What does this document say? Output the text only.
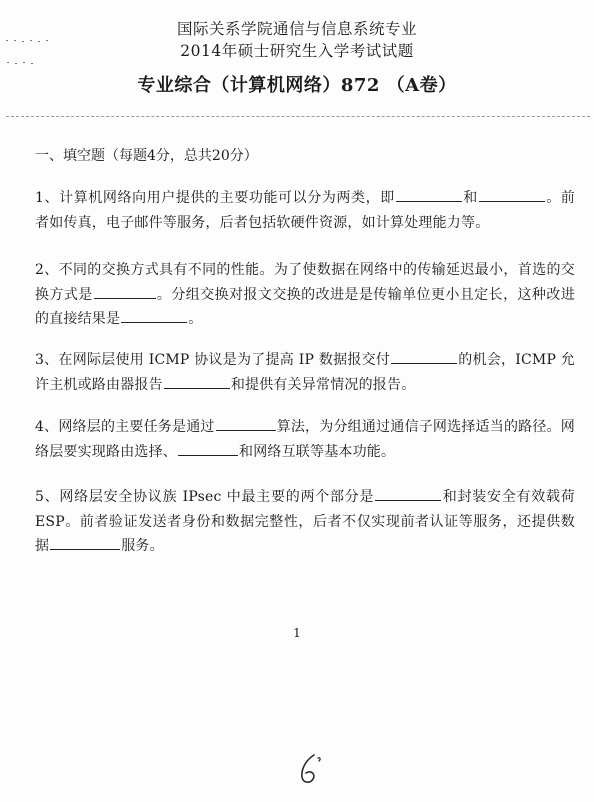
国际关系学院通信与信息系统专业
2014年硕士研究生入学考试试题
专业综合（计算机网络）872 （A卷）
一、填空题（每题4分，总共20分）
1、计算机网络向用户提供的主要功能可以分为两类，即	和	。前者如传真，电子邮件等服务，后者包括软硬件资源，如计算处理能力等。
2、不同的交换方式具有不同的性能。为了使数据在网络中的传输延迟最小，首选的交换方式是	。分组交换对报文交换的改进是是传输单位更小且定长，这种改进的直接结果是	。
3、在网际层使用 ICMP 协议是为了提高 IP 数据报交付	的机会，ICMP 允许主机或路由器报告	和提供有关异常情况的报告。
4、网络层的主要任务是通过	算法，为分组通过通信子网选择适当的路径。网络层要实现路由选择、	和网络互联等基本功能。
5、网络层安全协议族 IPsec 中最主要的两个部分是	和封装安全有效载荷 ESP。前者验证发送者身份和数据完整性，后者不仅实现前者认证等服务，还提供数据	服务。
1
